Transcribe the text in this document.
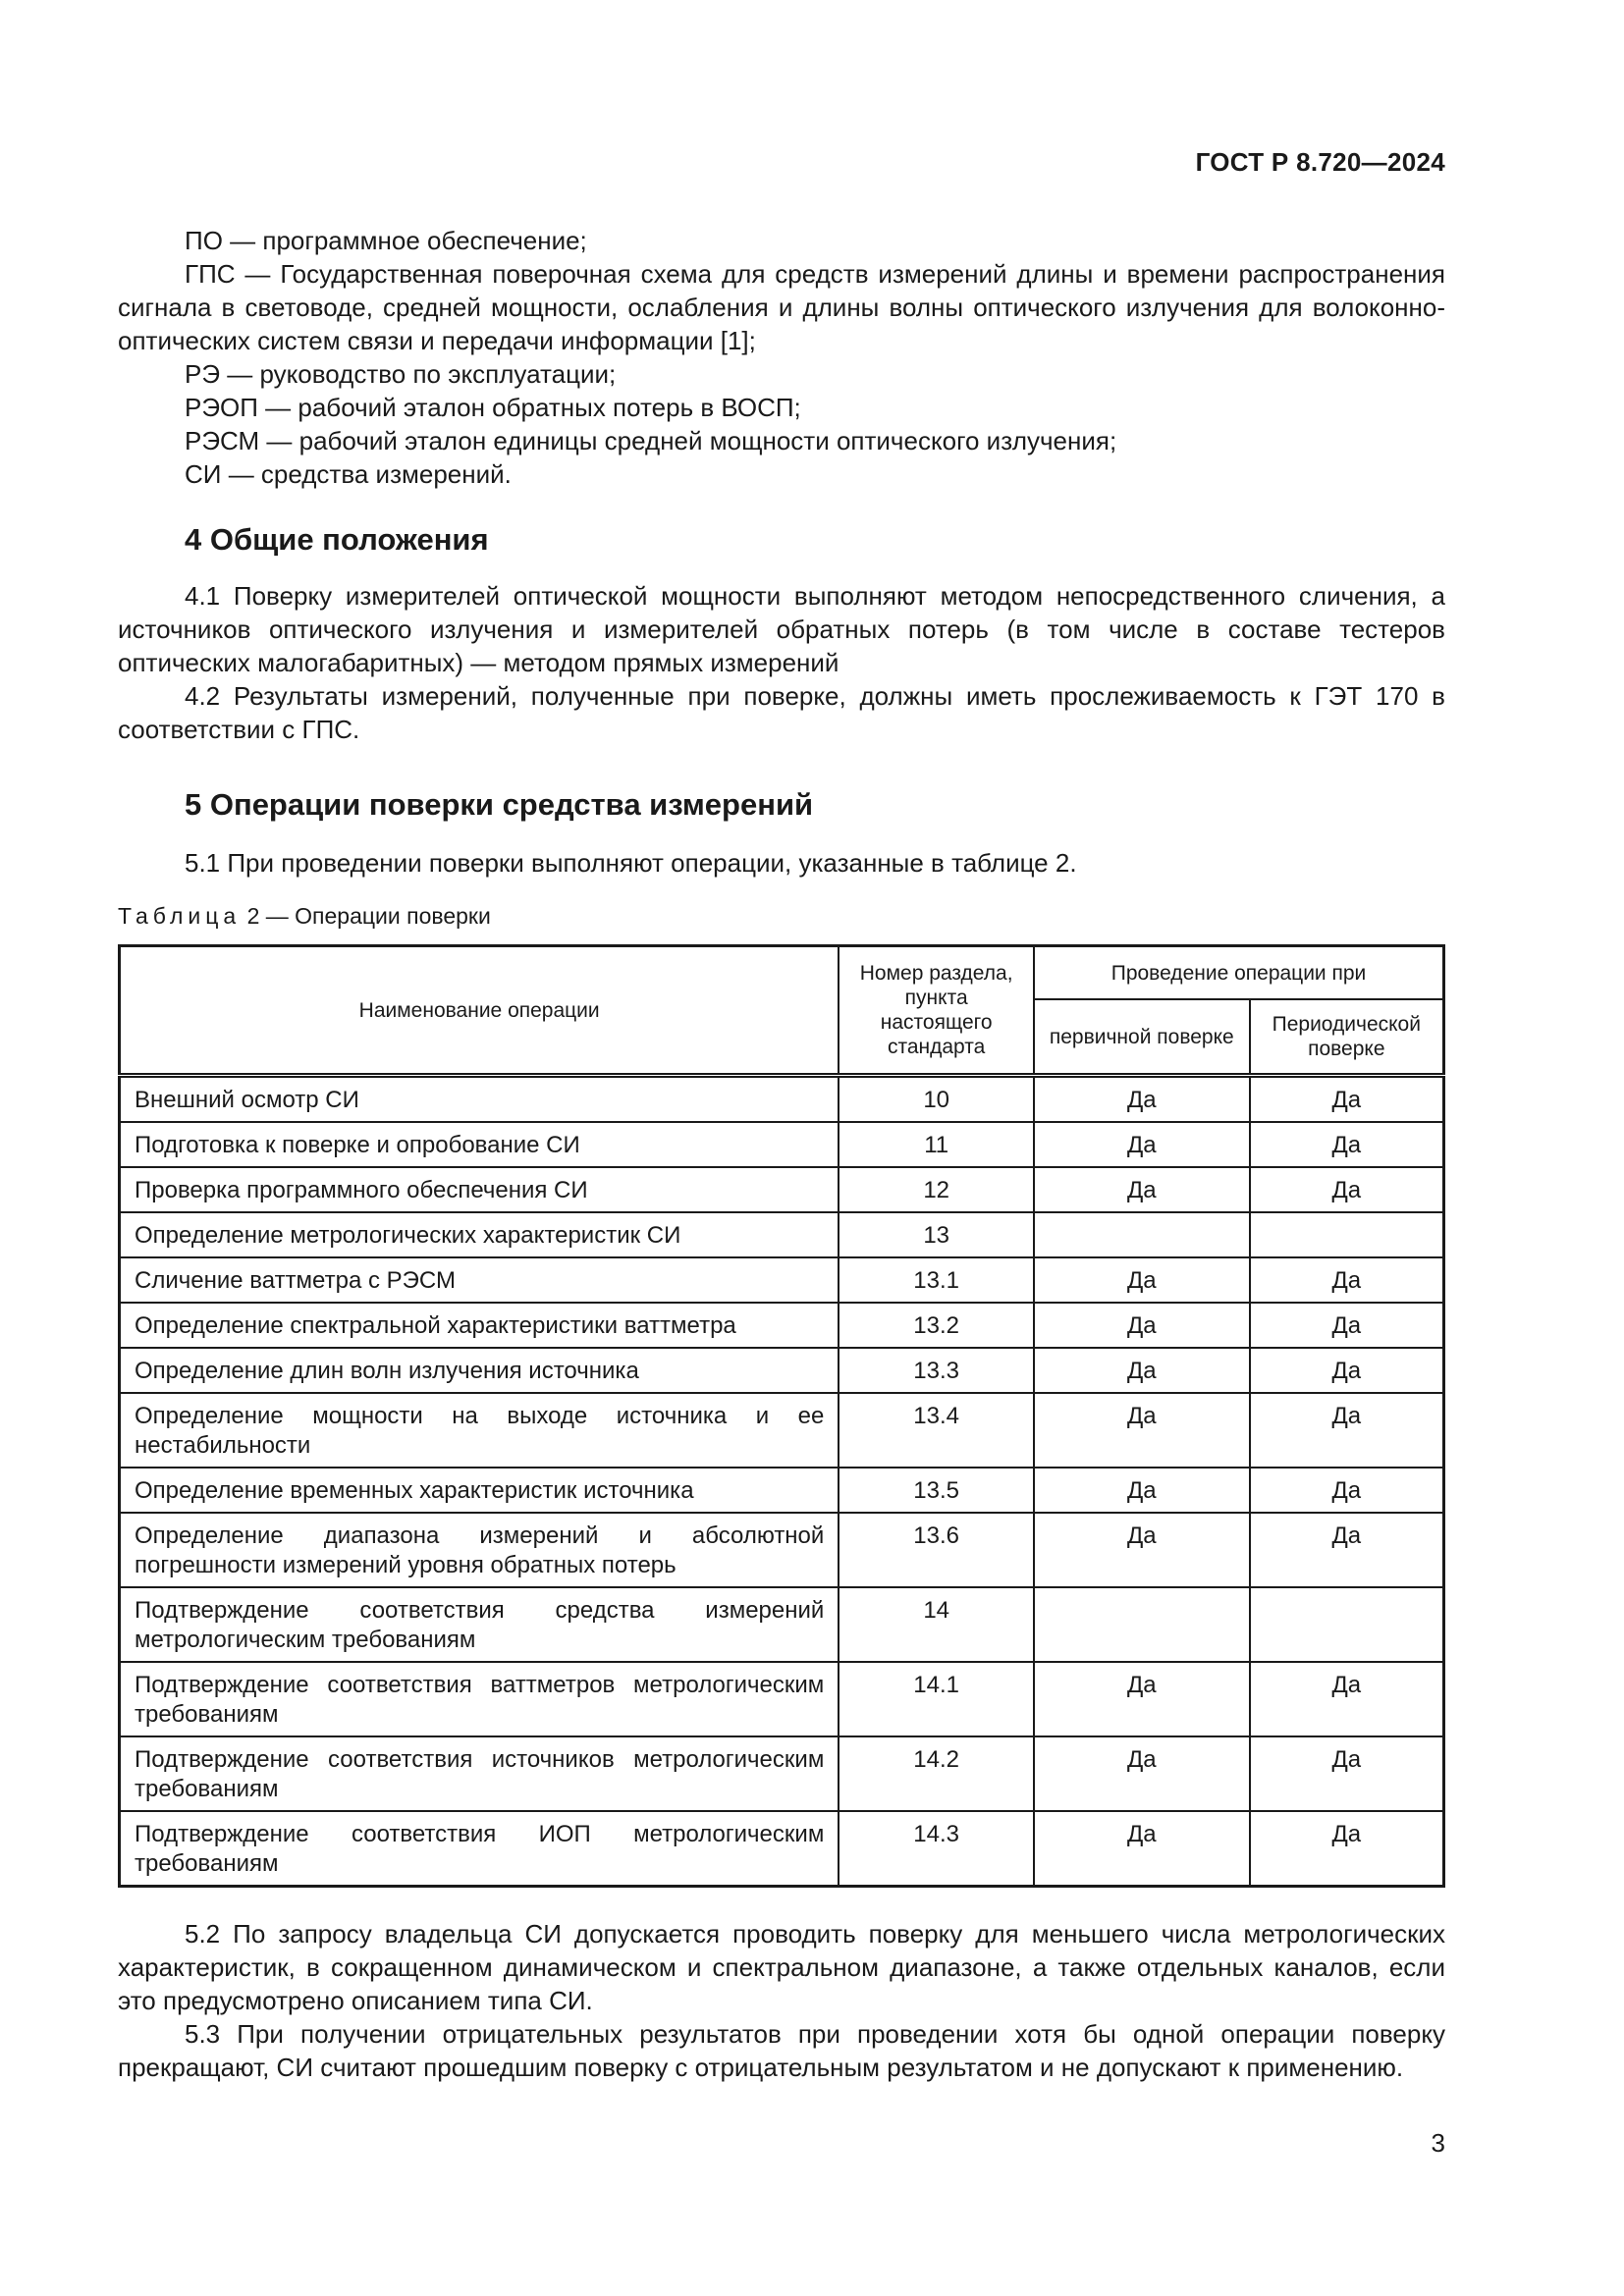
ГОСТ Р 8.720—2024

ПО — программное обеспечение;

ГПС — Государственная поверочная схема для средств измерений длины и времени распространения сигнала в световоде, средней мощности, ослабления и длины волны оптического излучения для волоконно-оптических систем связи и передачи информации [1];

РЭ — руководство по эксплуатации;

РЭОП — рабочий эталон обратных потерь в ВОСП;

РЭСМ — рабочий эталон единицы средней мощности оптического излучения;

СИ — средства измерений.

4 Общие положения

4.1 Поверку измерителей оптической мощности выполняют методом непосредственного сличения, а источников оптического излучения и измерителей обратных потерь (в том числе в составе тестеров оптических малогабаритных) — методом прямых измерений

4.2 Результаты измерений, полученные при поверке, должны иметь прослеживаемость к ГЭТ 170 в соответствии с ГПС.

5 Операции поверки средства измерений

5.1 При проведении поверки выполняют операции, указанные в таблице 2.

Таблица 2 — Операции поверки
Наименование операции	Номер раздела, пункта настоящего стандарта	Проведение операции при	
		первичной поверке	Периодической поверке
Внешний осмотр СИ	10	Да	Да
Подготовка к поверке и опробование СИ	11	Да	Да
Проверка программного обеспечения СИ	12	Да	Да
Определение метрологических характеристик СИ	13		
Сличение ваттметра с РЭСМ	13.1	Да	Да
Определение спектральной характеристики ваттметра	13.2	Да	Да
Определение длин волн излучения источника	13.3	Да	Да
Определение мощности на выходе источника и ее нестабильности	13.4	Да	Да
Определение временных характеристик источника	13.5	Да	Да
Определение диапазона измерений и абсолютной погрешности измерений уровня обратных потерь	13.6	Да	Да
Подтверждение соответствия средства измерений метрологическим требованиям	14		
Подтверждение соответствия ваттметров метрологическим требованиям	14.1	Да	Да
Подтверждение соответствия источников метрологическим требованиям	14.2	Да	Да
Подтверждение соответствия ИОП метрологическим требованиям	14.3	Да	Да

5.2 По запросу владельца СИ допускается проводить поверку для меньшего числа метрологических характеристик, в сокращенном динамическом и спектральном диапазоне, а также отдельных каналов, если это предусмотрено описанием типа СИ.

5.3 При получении отрицательных результатов при проведении хотя бы одной операции поверку прекращают, СИ считают прошедшим поверку с отрицательным результатом и не допускают к применению.

3
